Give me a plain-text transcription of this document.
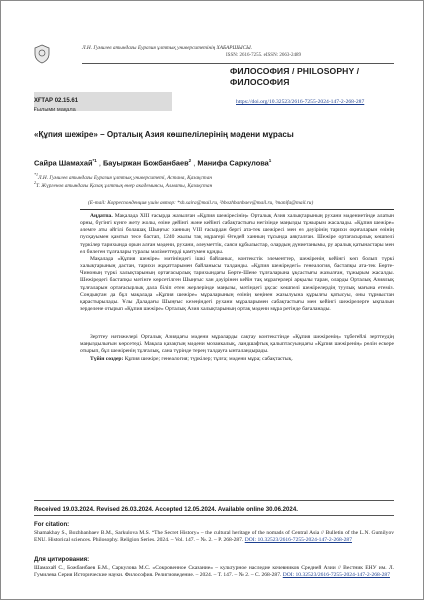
Л.Н. Гумилев атындағы Еуразия ұлттық университетінің ХАБАРШЫСЫ.
ISSN: 2616-7255. eISSN: 2663-2489
ФИЛОСОФИЯ / PHILOSOPHY /
ФИЛОСОФИЯ
ХҒТАР 02.15.61
Ғылыми мақала
https://doi.org/10.32523/2616-7255-2024-147-2-268-287
«Құпия шежіре» – Орталық Азия көшпелілерінің мәдени мұрасы
Сайра Шамахай$^{*1}$ , Бауыржан Божбанбаев$^2$ , Манифа Саркулова$^1$
$^{*1}$Л.Н. Гумилев атындағы Еуразия ұлттық университеті, Астана, Қазақстан
$^2$Т. Жүргенов атындағы Қазақ ұлттық өнер академиясы, Алматы, Қазақстан
(E-mail: Корреспонденция үшін автор: *sh.saira@mail.ru, ²bbozhbanbaev@mail.ru, ³manifa@mail.ru)

Аңдатпа. Мақалада XIII ғасырда жазылған «Құпия шежіресінің» Орталық Азия халықтарының рухани мәдениетінде алатын орны, бүгінгі күнге жету жолы, өзіне дейінгі және кейінгі сабақтастығы негізінде маңызды тұжырым жасалады. «Құпия шежіре» әлемге аты әйгілі болашақ Шыңғыс ханның VIII ғасырдан бергі ата-тек шежіресі мен өз дәуірінің тарихи оқиғаларын өзінің пусқауымен қамтыз тесе бастап, 1240 жылы тақ мұрагері Өгедей ханның тұсында аяқталған. Шежіре ортағасырлық көшпелі түркілер тарихында орын алған мәдени, рухани, әлеуметтік, саяси құбылыстар, олардың дүниетанымы, ру аралық қатынастары мен ел билеген тұлғалары туралы мәліметтерді қамтумен құнды.

Мақалада «Құпия шежіре» мәтініндегі ішкі байланыс, контекстік элементтер, шежіренің кейінгі көп болып түркі халықтарының дастан, тарихи жұқаттарымен байланысы талданды. «Құпия шежіредегі» генеалогия, бастапқы ата-тек Бөрте-Чиноның түркі халықтарының ортағасырлық тарихындағы Бөрте-Шене тұлғаларына ұқсастығы жазылған, тұжырым жасалды. Шежіредегі бастапқы мәтінге көрсетілген Шыңғыс хан дәуірінен кейін тақ мұрагерлері арқылы таран, оларды Орталық Азиялық тұлғаларын ортағасырлық дала біліп етен жерлерінде маңызы, мәтіндегі ұқсас көшпелі шежірелердің туулық мағына етеміз. Сондықтан да бұл мақалада «Құпия шежіре» мұраларының өзінің кеңінен жазылуына құрылғы қатысуы, оны тұрмыстан қарастырылады. Ұлы Даладағы Шыңғыс кезеңіндегі рухани мұраларымен сабақтастығы мен кейінгі шежірелерге ықпалын зерделене отырып «Құпия шежіре» Орталық Азия халықтарының ортақ мәдени мұра ретінде бағаланады.

Зерттеу нәтижелері Орталық Азиядағы мәдени мұраларды сақтау контекстінде «Құпия шежіренің» тұбегейлі зерттеудің маңыздылығын көрсетеді. Мақала қазақтың мәдени мозаикалық, ландшафтық қалыптасуындағы «Құпия шежіренің» рөлін ескере отырып, бұл шежіренің тұлғалық, сана түрінде терең талдауға ынталандырады.

Түйін сөздер: Құпия шежіре; генеалогия; түркілер; тұлға; мәдени мұра; сабақтастық.
Received 19.03.2024. Revised 26.03.2024. Accepted 12.05.2024. Available online 30.06.2024.
For citation:
Shamakhay S., Bozhbanbaev B.M., Sarkulova M.S. “The Secret History» – the cultural heritage of the nomads of Central Asia // Bulletin of the L.N. Gumilyov ENU. Historical sciences. Philosophy. Religion Series. 2024. – Vol. 147. – №. 2. – P. 268-287. DOI: 10.32523/2616-7255-2024-147-2-268-287
Для цитирования:
Шамахай С., Божбанбаев Б.М., Саркулова М.С. «Сокровенное Сказание» – культурное наследие кочевников Средней Азии // Вестник ЕНУ им. Л. Гумилева Серия Исторические науки. Философия. Религиоведение. – 2024. – Т. 147. – № 2. – С. 268-287. DOI: 10.32523/2616-7255-2024-147-2-268-287
